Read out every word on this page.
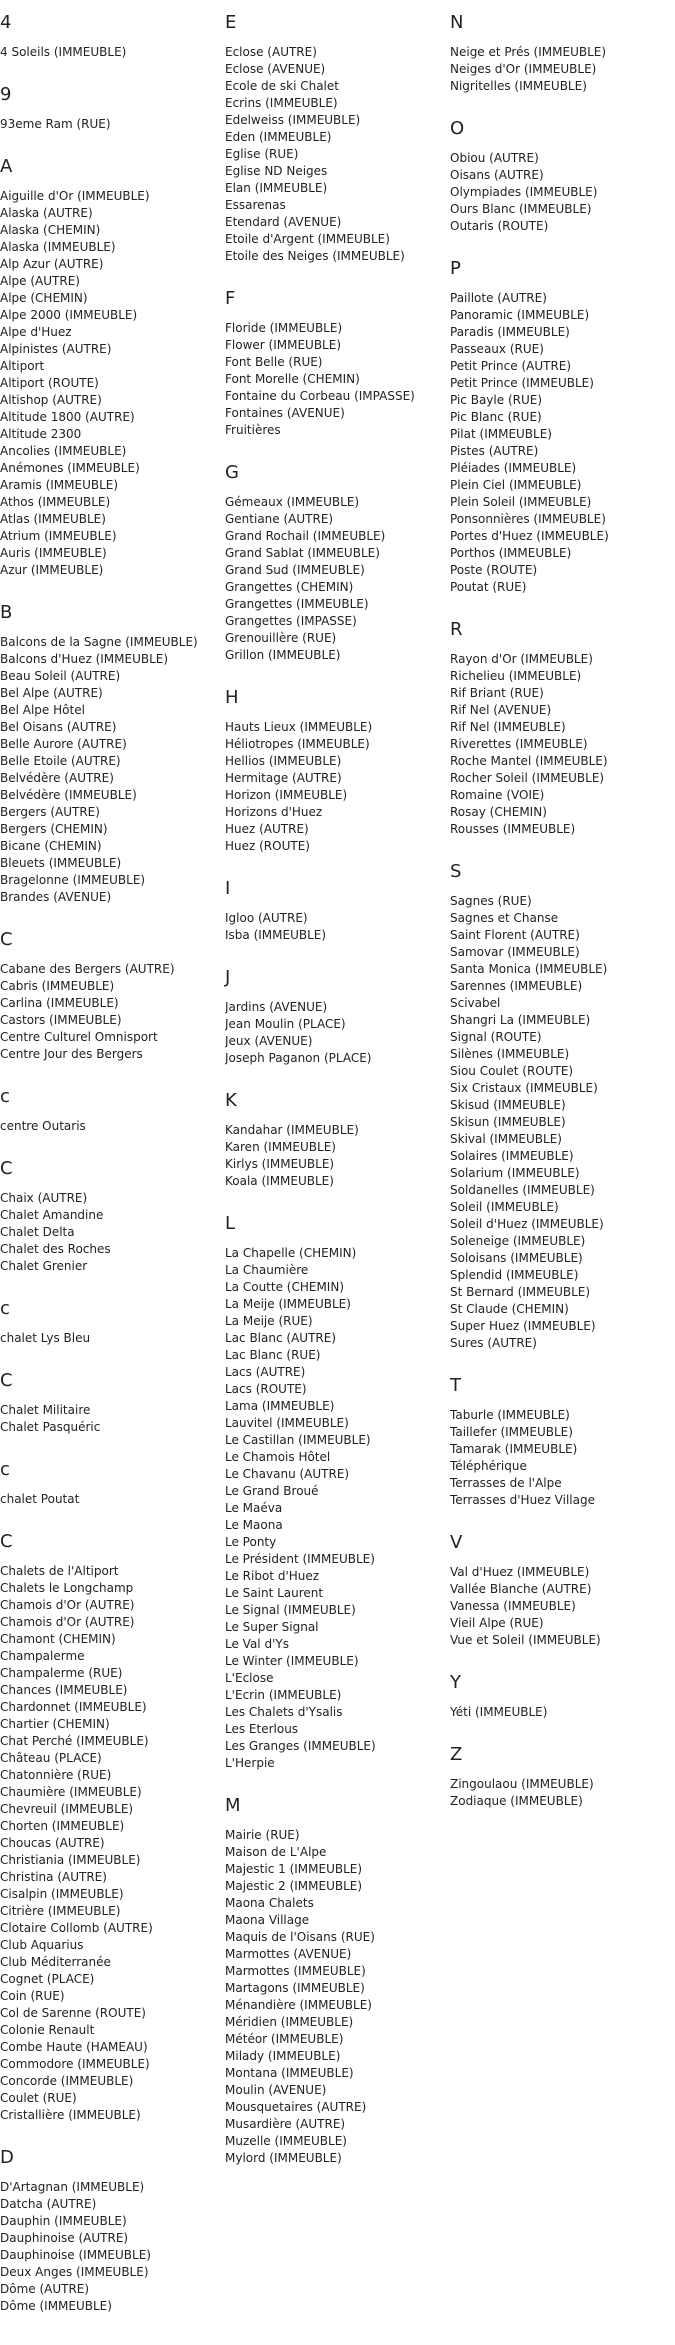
4
4 Soleils (IMMEUBLE)
9
93eme Ram (RUE)
A
Aiguille d'Or (IMMEUBLE)
Alaska (AUTRE)
Alaska (CHEMIN)
Alaska (IMMEUBLE)
Alp Azur (AUTRE)
Alpe (AUTRE)
Alpe (CHEMIN)
Alpe 2000 (IMMEUBLE)
Alpe d'Huez
Alpinistes (AUTRE)
Altiport
Altiport (ROUTE)
Altishop (AUTRE)
Altitude 1800 (AUTRE)
Altitude 2300
Ancolies (IMMEUBLE)
Anémones (IMMEUBLE)
Aramis (IMMEUBLE)
Athos (IMMEUBLE)
Atlas (IMMEUBLE)
Atrium (IMMEUBLE)
Auris (IMMEUBLE)
Azur (IMMEUBLE)
B
Balcons de la Sagne (IMMEUBLE)
Balcons d'Huez (IMMEUBLE)
Beau Soleil (AUTRE)
Bel Alpe (AUTRE)
Bel Alpe Hôtel
Bel Oisans (AUTRE)
Belle Aurore (AUTRE)
Belle Etoile (AUTRE)
Belvédère (AUTRE)
Belvédère (IMMEUBLE)
Bergers (AUTRE)
Bergers (CHEMIN)
Bicane (CHEMIN)
Bleuets (IMMEUBLE)
Bragelonne (IMMEUBLE)
Brandes (AVENUE)
C
Cabane des Bergers (AUTRE)
Cabris (IMMEUBLE)
Carlina (IMMEUBLE)
Castors (IMMEUBLE)
Centre Culturel Omnisport
Centre Jour des Bergers
c
centre Outaris
C
Chaix (AUTRE)
Chalet Amandine
Chalet Delta
Chalet des Roches
Chalet Grenier
c
chalet Lys Bleu
C
Chalet Militaire
Chalet Pasquéric
c
chalet Poutat
C
Chalets de l'Altiport
Chalets le Longchamp
Chamois d'Or (AUTRE)
Chamois d'Or (AUTRE)
Chamont (CHEMIN)
Champalerme
Champalerme (RUE)
Chances (IMMEUBLE)
Chardonnet (IMMEUBLE)
Chartier (CHEMIN)
Chat Perché (IMMEUBLE)
Château (PLACE)
Chatonnière (RUE)
Chaumière (IMMEUBLE)
Chevreuil (IMMEUBLE)
Chorten (IMMEUBLE)
Choucas (AUTRE)
Christiania (IMMEUBLE)
Christina (AUTRE)
Cisalpin (IMMEUBLE)
Citrière (IMMEUBLE)
Clotaire Collomb (AUTRE)
Club Aquarius
Club Méditerranée
Cognet (PLACE)
Coin (RUE)
Col de Sarenne (ROUTE)
Colonie Renault
Combe Haute (HAMEAU)
Commodore (IMMEUBLE)
Concorde (IMMEUBLE)
Coulet (RUE)
Cristallière (IMMEUBLE)
D
D'Artagnan (IMMEUBLE)
Datcha (AUTRE)
Dauphin (IMMEUBLE)
Dauphinoise (AUTRE)
Dauphinoise (IMMEUBLE)
Deux Anges (IMMEUBLE)
Dôme (AUTRE)
Dôme (IMMEUBLE)
E
Eclose (AUTRE)
Eclose (AVENUE)
Ecole de ski Chalet
Ecrins (IMMEUBLE)
Edelweiss (IMMEUBLE)
Eden (IMMEUBLE)
Eglise (RUE)
Eglise ND Neiges
Elan (IMMEUBLE)
Essarenas
Etendard (AVENUE)
Etoile d'Argent (IMMEUBLE)
Etoile des Neiges (IMMEUBLE)
F
Floride (IMMEUBLE)
Flower (IMMEUBLE)
Font Belle (RUE)
Font Morelle (CHEMIN)
Fontaine du Corbeau (IMPASSE)
Fontaines (AVENUE)
Fruitières
G
Gémeaux (IMMEUBLE)
Gentiane (AUTRE)
Grand Rochail (IMMEUBLE)
Grand Sablat (IMMEUBLE)
Grand Sud (IMMEUBLE)
Grangettes (CHEMIN)
Grangettes (IMMEUBLE)
Grangettes (IMPASSE)
Grenouillère (RUE)
Grillon (IMMEUBLE)
H
Hauts Lieux (IMMEUBLE)
Héliotropes (IMMEUBLE)
Hellios (IMMEUBLE)
Hermitage (AUTRE)
Horizon (IMMEUBLE)
Horizons d'Huez
Huez (AUTRE)
Huez (ROUTE)
I
Igloo (AUTRE)
Isba (IMMEUBLE)
J
Jardins (AVENUE)
Jean Moulin (PLACE)
Jeux (AVENUE)
Joseph Paganon (PLACE)
K
Kandahar (IMMEUBLE)
Karen (IMMEUBLE)
Kirlys (IMMEUBLE)
Koala (IMMEUBLE)
L
La Chapelle (CHEMIN)
La Chaumière
La Coutte (CHEMIN)
La Meije (IMMEUBLE)
La Meije (RUE)
Lac Blanc (AUTRE)
Lac Blanc (RUE)
Lacs (AUTRE)
Lacs (ROUTE)
Lama (IMMEUBLE)
Lauvitel (IMMEUBLE)
Le Castillan (IMMEUBLE)
Le Chamois Hôtel
Le Chavanu (AUTRE)
Le Grand Broué
Le Maéva
Le Maona
Le Ponty
Le Président (IMMEUBLE)
Le Ribot d'Huez
Le Saint Laurent
Le Signal (IMMEUBLE)
Le Super Signal
Le Val d'Ys
Le Winter (IMMEUBLE)
L'Eclose
L'Ecrin (IMMEUBLE)
Les Chalets d'Ysalis
Les Eterlous
Les Granges (IMMEUBLE)
L'Herpie
M
Mairie (RUE)
Maison de L'Alpe
Majestic 1 (IMMEUBLE)
Majestic 2 (IMMEUBLE)
Maona Chalets
Maona Village
Maquis de l'Oisans (RUE)
Marmottes (AVENUE)
Marmottes (IMMEUBLE)
Martagons (IMMEUBLE)
Ménandière (IMMEUBLE)
Méridien (IMMEUBLE)
Météor (IMMEUBLE)
Milady (IMMEUBLE)
Montana (IMMEUBLE)
Moulin (AVENUE)
Mousquetaires (AUTRE)
Musardière (AUTRE)
Muzelle (IMMEUBLE)
Mylord (IMMEUBLE)
N
Neige et Prés (IMMEUBLE)
Neiges d'Or (IMMEUBLE)
Nigritelles (IMMEUBLE)
O
Obiou (AUTRE)
Oisans (AUTRE)
Olympiades (IMMEUBLE)
Ours Blanc (IMMEUBLE)
Outaris (ROUTE)
P
Paillote (AUTRE)
Panoramic (IMMEUBLE)
Paradis (IMMEUBLE)
Passeaux (RUE)
Petit Prince (AUTRE)
Petit Prince (IMMEUBLE)
Pic Bayle (RUE)
Pic Blanc (RUE)
Pilat (IMMEUBLE)
Pistes (AUTRE)
Pléiades (IMMEUBLE)
Plein Ciel (IMMEUBLE)
Plein Soleil (IMMEUBLE)
Ponsonnières (IMMEUBLE)
Portes d'Huez (IMMEUBLE)
Porthos (IMMEUBLE)
Poste (ROUTE)
Poutat (RUE)
R
Rayon d'Or (IMMEUBLE)
Richelieu (IMMEUBLE)
Rif Briant (RUE)
Rif Nel (AVENUE)
Rif Nel (IMMEUBLE)
Riverettes (IMMEUBLE)
Roche Mantel (IMMEUBLE)
Rocher Soleil (IMMEUBLE)
Romaine (VOIE)
Rosay (CHEMIN)
Rousses (IMMEUBLE)
S
Sagnes (RUE)
Sagnes et Chanse
Saint Florent (AUTRE)
Samovar (IMMEUBLE)
Santa Monica (IMMEUBLE)
Sarennes (IMMEUBLE)
Scivabel
Shangri La (IMMEUBLE)
Signal (ROUTE)
Silènes (IMMEUBLE)
Siou Coulet (ROUTE)
Six Cristaux (IMMEUBLE)
Skisud (IMMEUBLE)
Skisun (IMMEUBLE)
Skival (IMMEUBLE)
Solaires (IMMEUBLE)
Solarium (IMMEUBLE)
Soldanelles (IMMEUBLE)
Soleil (IMMEUBLE)
Soleil d'Huez (IMMEUBLE)
Soleneige (IMMEUBLE)
Soloisans (IMMEUBLE)
Splendid (IMMEUBLE)
St Bernard (IMMEUBLE)
St Claude (CHEMIN)
Super Huez (IMMEUBLE)
Sures (AUTRE)
T
Taburle (IMMEUBLE)
Taillefer (IMMEUBLE)
Tamarak (IMMEUBLE)
Téléphérique
Terrasses de l'Alpe
Terrasses d'Huez Village
V
Val d'Huez (IMMEUBLE)
Vallée Blanche (AUTRE)
Vanessa (IMMEUBLE)
Vieil Alpe (RUE)
Vue et Soleil (IMMEUBLE)
Y
Yéti (IMMEUBLE)
Z
Zingoulaou (IMMEUBLE)
Zodiaque (IMMEUBLE)
